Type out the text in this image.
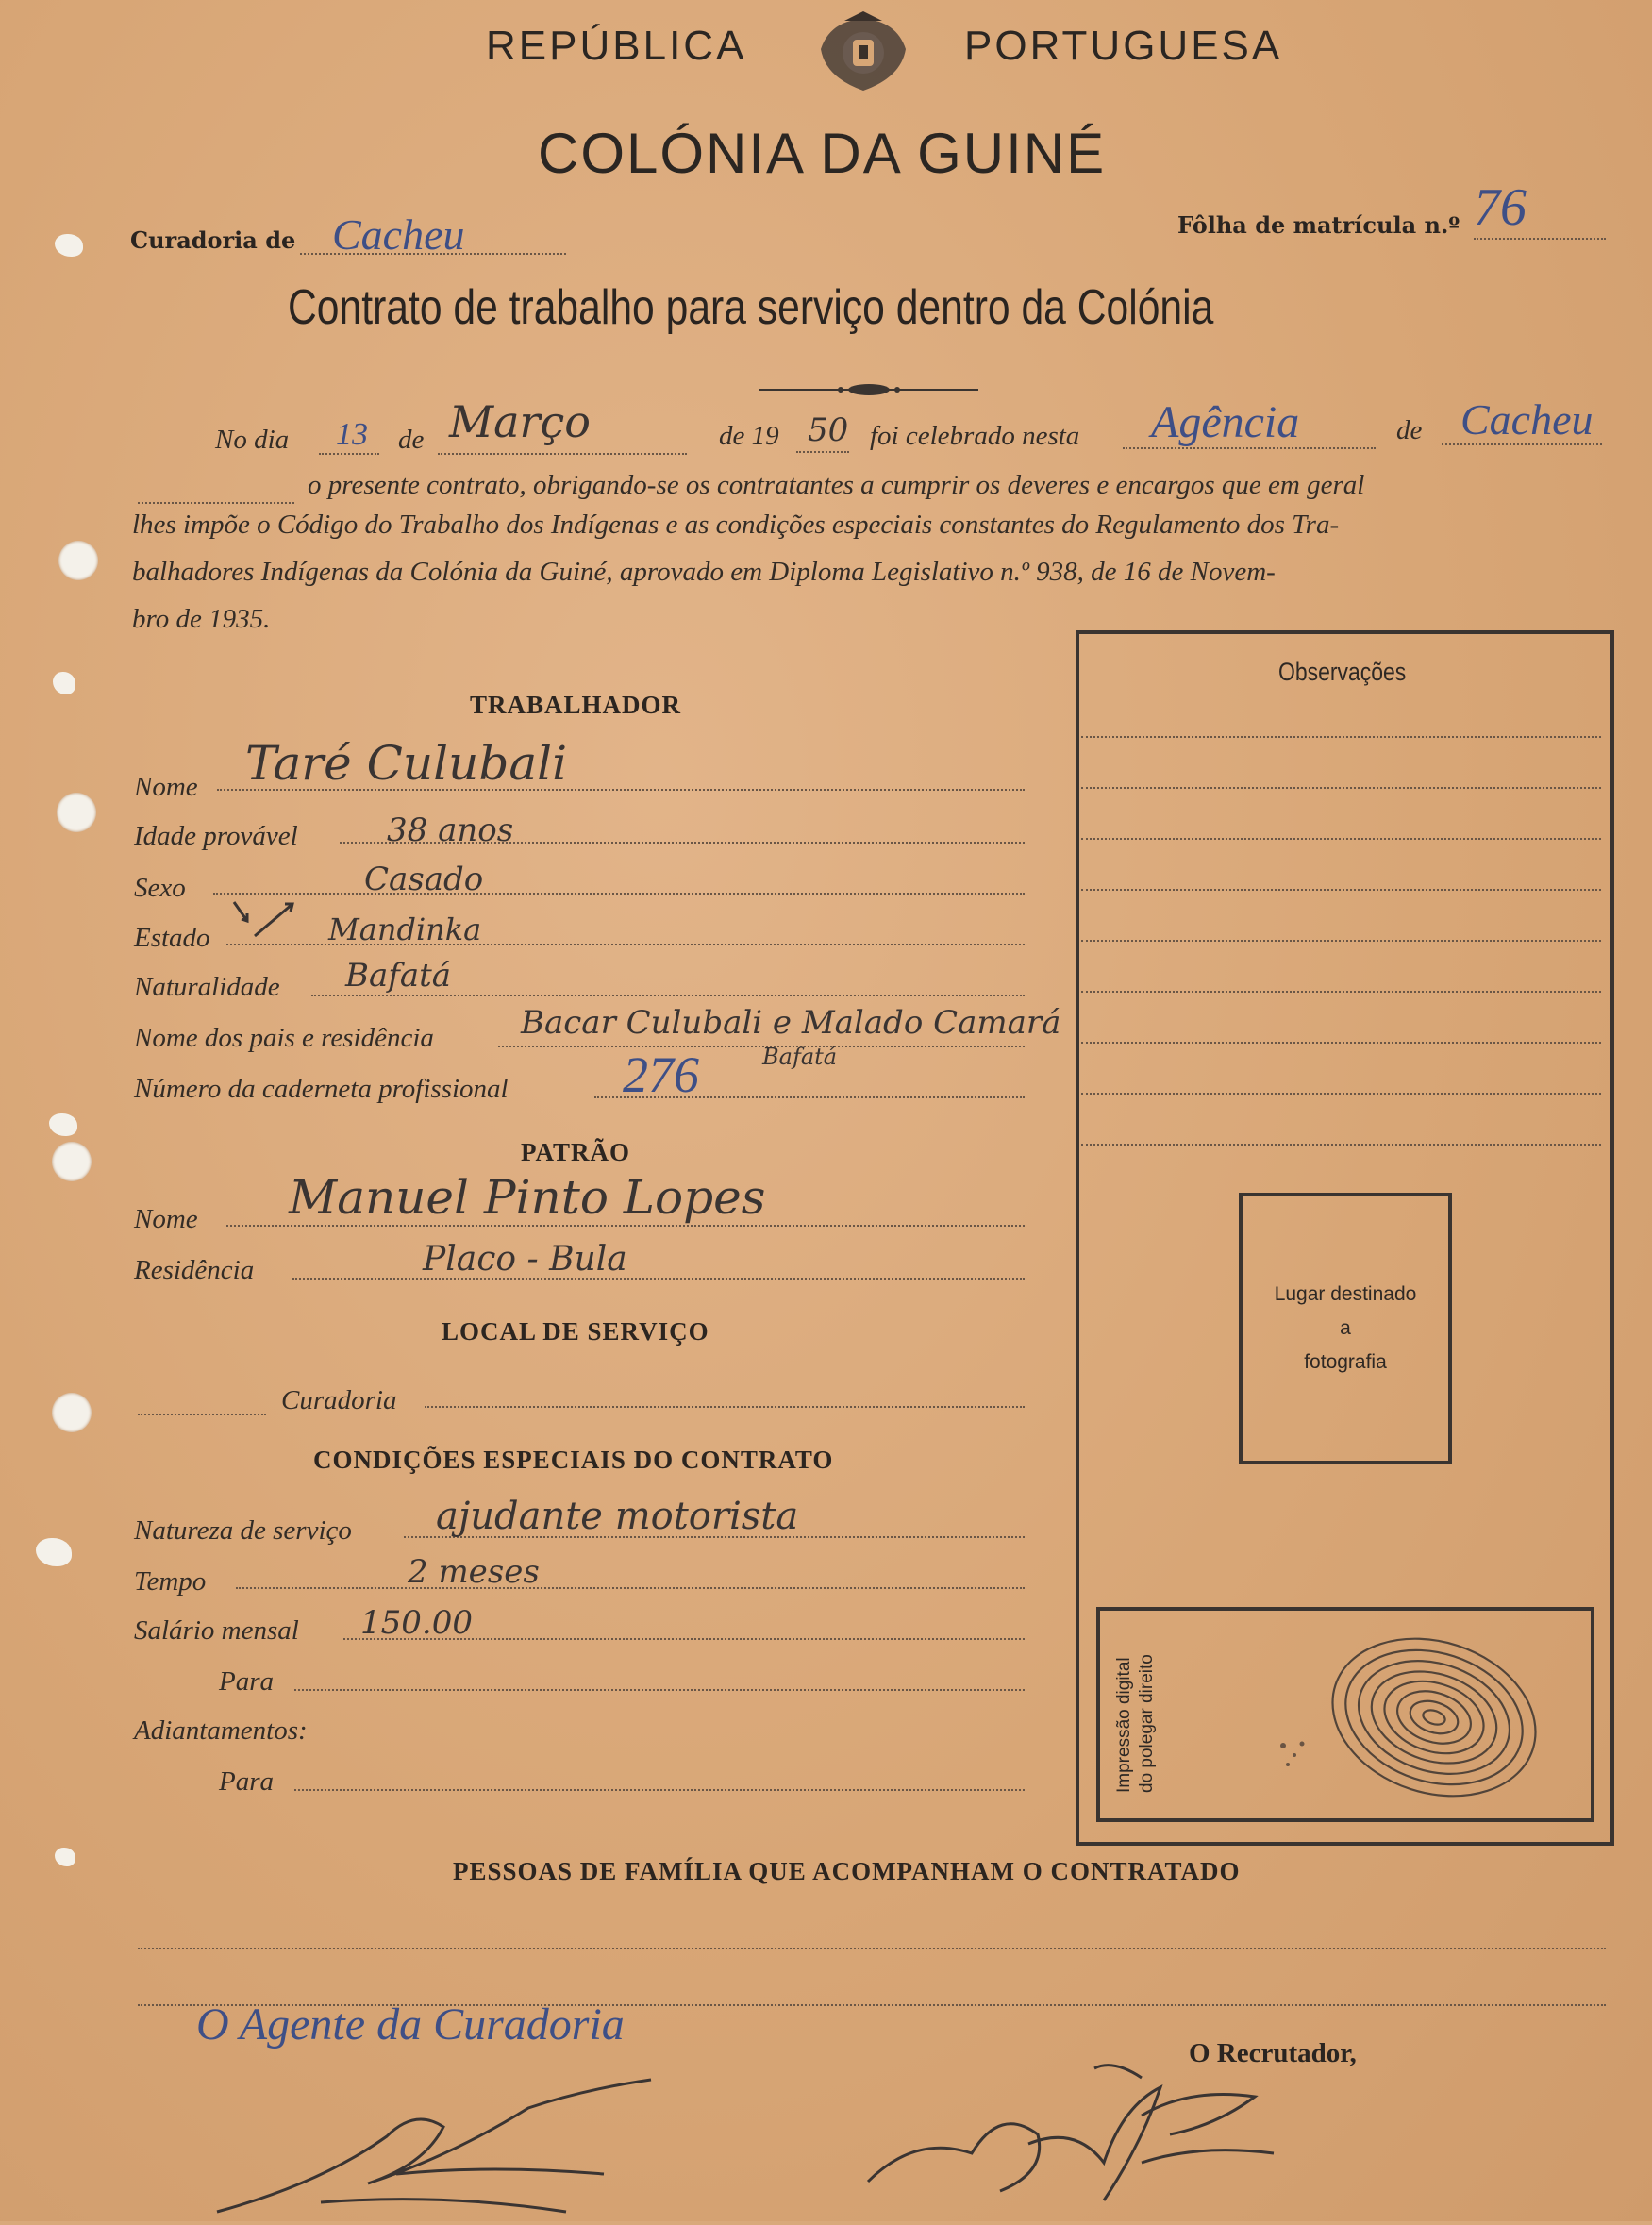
REPÚBLICA	PORTUGUESA
COLÓNIA DA GUINÉ
Curadoria de Cacheu	Fôlha de matrícula n.º 76
Contrato de trabalho para serviço dentro da Colónia
No dia 13 de Março	de 19 50 foi celebrado nesta Agência	de Cacheu
o presente contrato, obrigando-se os contratantes a cumprir os deveres e encargos que em geral
lhes impõe o Código do Trabalho dos Indígenas e as condições especiais constantes do Regulamento dos Tra-
balhadores Indígenas da Colónia da Guiné, aprovado em Diploma Legislativo n.º 938, de 16 de Novem-
bro de 1935.
Observações
Lugar destinado
a
fotografia
Impressão digital do polegar direito
TRABALHADOR
Nome Taré Culubali
Idade provável	38 anos
Sexo	Casado
Estado	Mandinka
Naturalidade Bafatá
Nome dos pais e residência	Bacar Culubali e Malado Camará
Bafatá
Número da caderneta profissional 276
PATRÃO
Nome Manuel Pinto Lopes
Residência	Placo - Bula
LOCAL DE SERVIÇO
Curadoria
CONDIÇÕES ESPECIAIS DO CONTRATO
Natureza de serviço ajudante motorista
Tempo	2 meses
Salário mensal 150.00
Para
Adiantamentos:
Para
PESSOAS DE FAMÍLIA QUE ACOMPANHAM O CONTRATADO
O Agente da Curadoria
O Recrutador,
